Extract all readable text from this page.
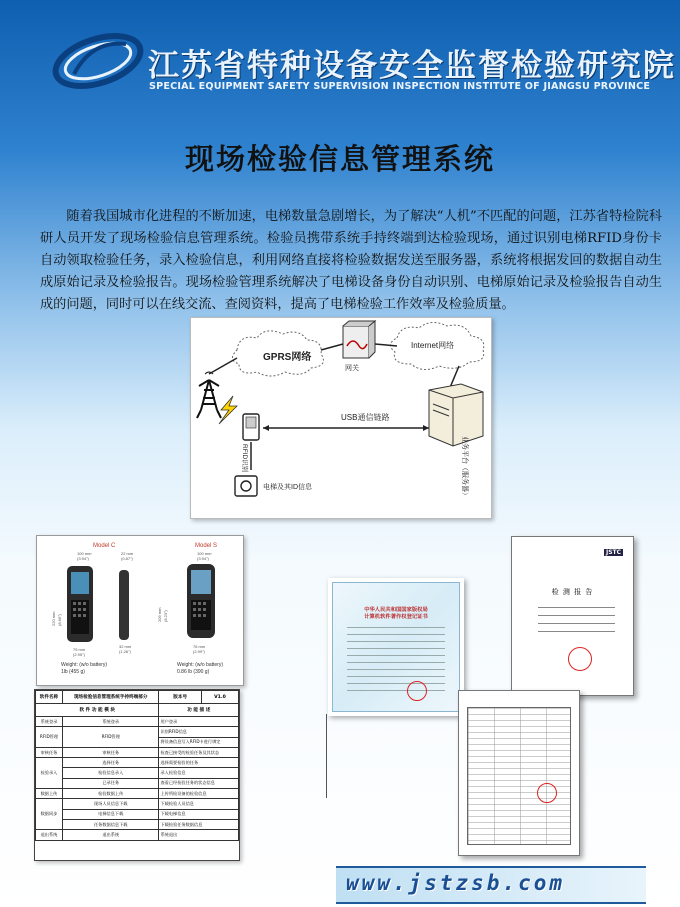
江苏省特种设备安全监督检验研究院
SPECIAL EQUIPMENT SAFETY SUPERVISION INSPECTION INSTITUTE OF JIANGSU PROVINCE
现场检验信息管理系统
随着我国城市化进程的不断加速，电梯数量急剧增长，为了解决“人机”不匹配的问题，江苏省特检院科研人员开发了现场检验信息管理系统。检验员携带系统手持终端到达检验现场，通过识别电梯RFID身份卡自动领取检验任务，录入检验信息，利用网络直接将检验数据发送至服务器，系统将根据发回的数据自动生成原始记录及检验报告。现场检验管理系统解决了电梯设备身份自动识别、电梯原始记录及检验报告自动生成的问题，同时可以在线交流、查阅资料，提高了电梯检验工作效率及检验质量。
GPRS网络
网关
Internet网络
USB通信链路
业务平台（服务器）
RFID识别
电梯及其ID信息
Model C	Model S
100 mm
(3.94")
22 mm
(0.87")
220 mm (8.66")
75 mm
(2.95")
32 mm
(1.26")
Weight: (w/o battery)
1lb (455 g)
100 mm
(3.94")
209 mm (8.23")
76 mm
(2.99")
Weight: (w/o battery)
0.86 lb (390 g)
软件名称	现场检验信息管理系统手持终端部分	版本号	V1.0
软 件 功 能 模 块		功 能 描 述	
系统登录	系统登录	用户登录	
RFID管理	RFID管理	识别RFID信息	
		将设备信息写入RFID卡进行绑定	
审核任务	审核任务	检查已接受的检验任务及其状态	
检验录入	选择任务	选择需要检验的任务	
	检验信息录入	录入检验信息	
	已录任务	查看已经检验任务的状态信息	
数据上传	检验数据上传	上传所检设备的检验信息	
数据同步	现场人员信息下载	下载检验人员信息	
	电梯信息下载	下载电梯信息	
	任务数据信息下载	下载检验任务数据信息	
退出系统	退出系统	系统退出	
中华人民共和国国家版权局
计算机软件著作权登记证书
JSTC
检 测 报 告
www.jstzsb.com
